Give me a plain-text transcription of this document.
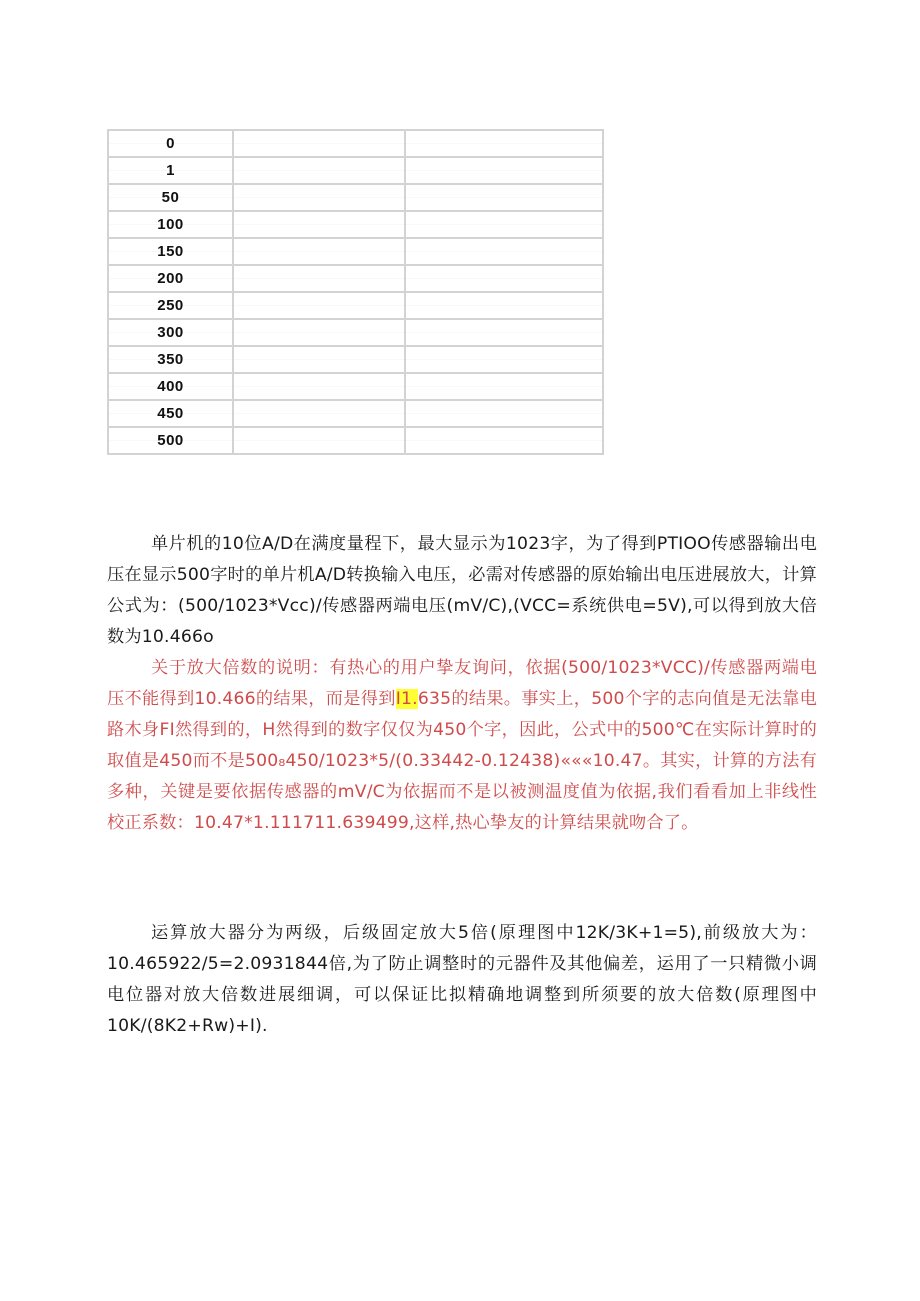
0		
1		
50		
100		
150		
200		
250		
300		
350		
400		
450		
500		

单片机的10位A/D在满度量程下，最大显示为1023字，为了得到PTIOO传感器输出电压在显示500字时的单片机A/D转换输入电压，必需对传感器的原始输出电压进展放大，计算公式为：(500/1023*Vcc)/传感器两端电压(mV∕C),(VCC=系统供电=5V),可以得到放大倍数为10.466o

关于放大倍数的说明：有热心的用户挚友询问，依据(500/1023*VCC)/传感器两端电压不能得到10.466的结果，而是得到I1.635的结果。事实上，500个字的志向值是无法靠电路木身FI然得到的，H然得到的数字仅仅为450个字，因此，公式中的500℃在实际计算时的取值是450而不是500₈450/1023*5/(0.33442-0.12438)«««10.47。其实，计算的方法有多种，关键是要依据传感器的mV/C为依据而不是以被测温度值为依据,我们看看加上非线性校正系数：10.47*1.111711.639499,这样,热心挚友的计算结果就吻合了。

运算放大器分为两级，后级固定放大5倍(原理图中12K∕3K+1=5),前级放大为：10.465922/5=2.0931844倍,为了防止调整时的元器件及其他偏差，运用了一只精微小调电位器对放大倍数进展细调，可以保证比拟精确地调整到所须要的放大倍数(原理图中10K∕(8K2+Rw)+I).
